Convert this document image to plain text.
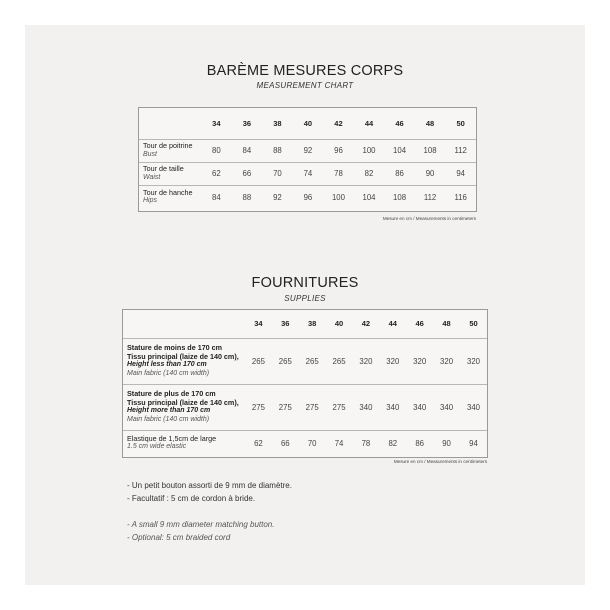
BARÈME MESURES CORPS
MEASUREMENT CHART
	34	36	38	40	42	44	46	48	50

Tour de poitrine
Bust	80	84	88	92	96	100	104	108	112

Tour de taille
Waist	62	66	70	74	78	82	86	90	94

Tour de hanche
Hips	84	88	92	96	100	104	108	112	116
Mesure en cm / Measurements in centimeters
FOURNITURES
SUPPLIES
	34	36	38	40	42	44	46	48	50

Stature de moins de 170 cm
Tissu principal (laize de 140 cm),
Height less than 170 cm
Main fabric (140 cm width)	265	265	265	265	320	320	320	320	320

Stature de plus de 170 cm
Tissu principal (laize de 140 cm),
Height more than 170 cm
Main fabric (140 cm width)	275	275	275	275	340	340	340	340	340

Elastique de 1,5cm de large
1.5 cm wide elastic	62	66	70	74	78	82	86	90	94
Mesure en cm / Measurements in centimeters
- Un petit bouton assorti de 9 mm de diamètre.
- Facultatif : 5 cm de cordon à bride.
- A small 9 mm diameter matching button.
- Optional: 5 cm braided cord
